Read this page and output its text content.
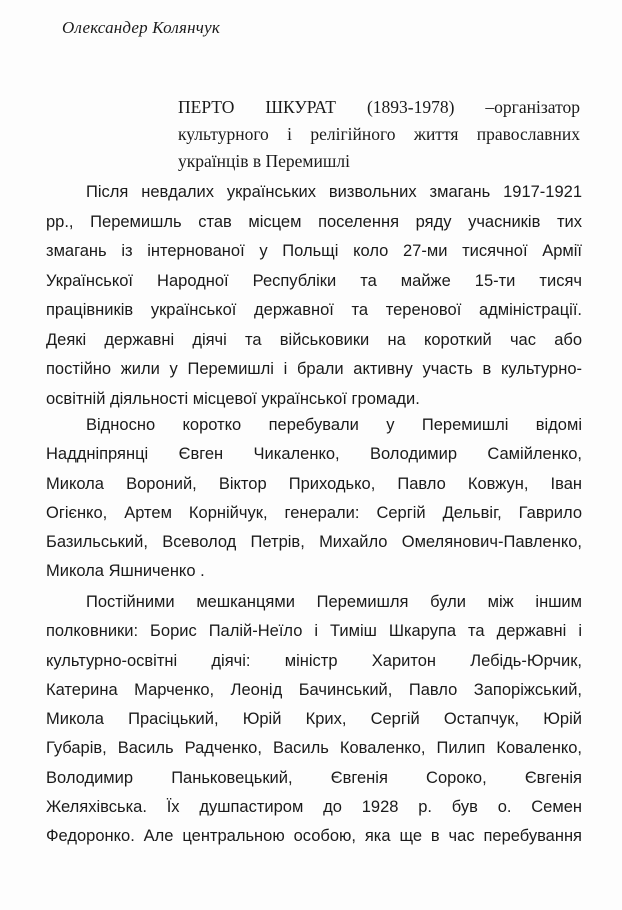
Олександер Колянчук

ПЕРТО ШКУРАТ (1893-1978) –організатор
культурного і релігійного життя православних
українців в Перемишлі
Після невдалих українських визвольних змагань 1917-1921
рр., Перемишль став місцем поселення ряду учасників тих
змагань із інтернованої у Польщі коло 27-ми тисячної Армії
Української Народної Республіки та майже 15-ти тисяч
працівників української державної та теренової адміністрації.
Деякі державні діячі та військовики на короткий час або
постійно жили у Перемишлі і брали активну участь в культурно-
освітній діяльності місцевої української громади.
Відносно коротко перебували у Перемишлі відомі
Наддніпрянці Євген Чикаленко, Володимир Самійленко,
Микола Вороний, Віктор Приходько, Павло Ковжун, Іван
Огієнко, Артем Корнійчук, генерали: Сергій Дельвіг, Гаврило
Базильський, Всеволод Петрів, Михайло Омелянович-Павленко,
Микола Яшниченко .
Постійними мешканцями Перемишля були між іншим
полковники: Борис Палій-Неїло і Тиміш Шкарупа та державні і
культурно-освітні діячі: міністр Харитон Лебідь-Юрчик,
Катерина Марченко, Леонід Бачинський, Павло Запоріжський,
Микола Прасіцький, Юрій Крих, Сергій Остапчук, Юрій
Губарів, Василь Радченко, Василь Коваленко, Пилип Коваленко,
Володимир Паньковецький, Євгенія Сороко, Євгенія
Желяхівська. Їх душпастиром до 1928 р. був о. Семен
Федоронко. Але центральною особою, яка ще в час перебування
